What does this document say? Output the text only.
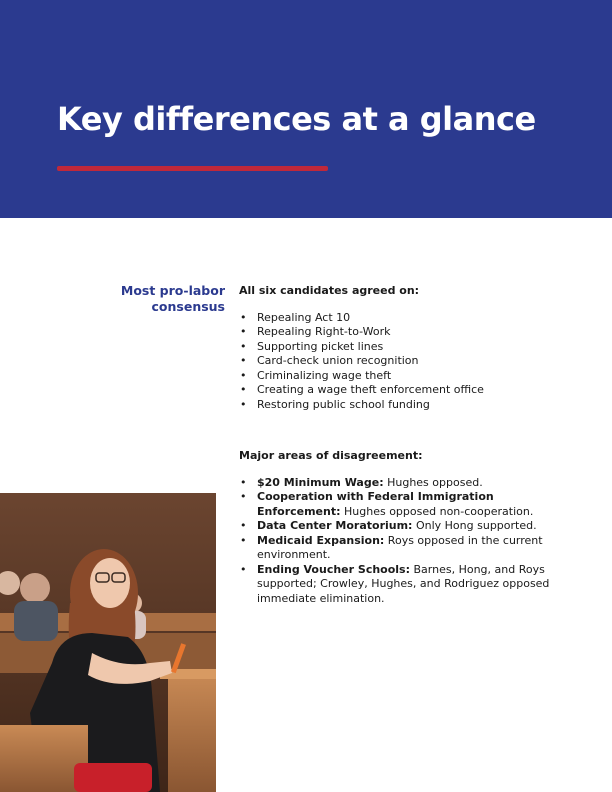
Key differences at a glance
Most pro-labor
consensus

All six candidates agreed on:

• Repealing Act 10
• Repealing Right-to-Work
• Supporting picket lines
• Card-check union recognition
• Criminalizing wage theft
• Creating a wage theft enforcement office
• Restoring public school funding

Major areas of disagreement:

• $20 Minimum Wage: Hughes opposed.
• Cooperation with Federal Immigration Enforcement: Hughes opposed non-cooperation.
• Data Center Moratorium: Only Hong supported.
• Medicaid Expansion: Roys opposed in the current environment.
• Ending Voucher Schools: Barnes, Hong, and Roys supported; Crowley, Hughes, and Rodriguez opposed immediate elimination.
